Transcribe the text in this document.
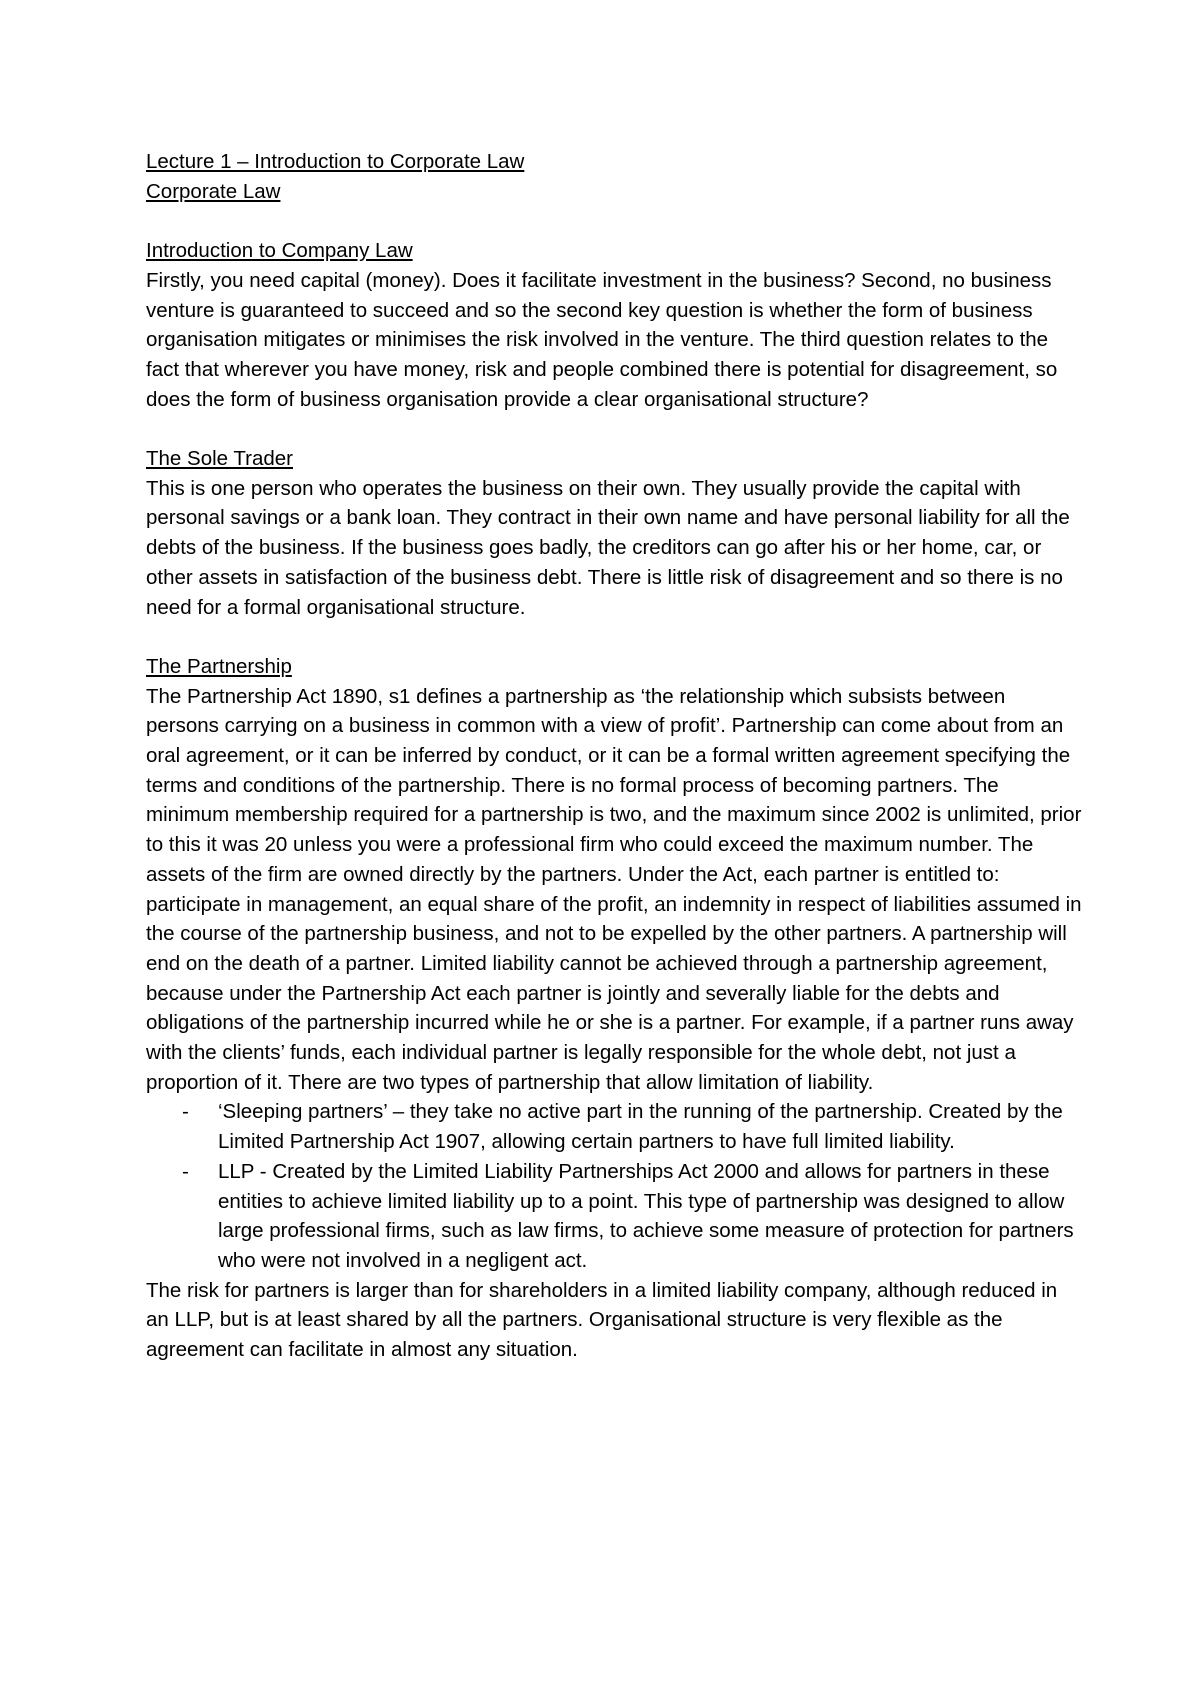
Lecture 1 – Introduction to Corporate Law

Corporate Law

Introduction to Company Law

Firstly, you need capital (money). Does it facilitate investment in the business? Second, no business venture is guaranteed to succeed and so the second key question is whether the form of business organisation mitigates or minimises the risk involved in the venture. The third question relates to the fact that wherever you have money, risk and people combined there is potential for disagreement, so does the form of business organisation provide a clear organisational structure?

The Sole Trader

This is one person who operates the business on their own. They usually provide the capital with personal savings or a bank loan. They contract in their own name and have personal liability for all the debts of the business. If the business goes badly, the creditors can go after his or her home, car, or other assets in satisfaction of the business debt. There is little risk of disagreement and so there is no need for a formal organisational structure.

The Partnership

The Partnership Act 1890, s1 defines a partnership as ‘the relationship which subsists between persons carrying on a business in common with a view of profit’. Partnership can come about from an oral agreement, or it can be inferred by conduct, or it can be a formal written agreement specifying the terms and conditions of the partnership. There is no formal process of becoming partners. The minimum membership required for a partnership is two, and the maximum since 2002 is unlimited, prior to this it was 20 unless you were a professional firm who could exceed the maximum number. The assets of the firm are owned directly by the partners. Under the Act, each partner is entitled to: participate in management, an equal share of the profit, an indemnity in respect of liabilities assumed in the course of the partnership business, and not to be expelled by the other partners. A partnership will end on the death of a partner. Limited liability cannot be achieved through a partnership agreement, because under the Partnership Act each partner is jointly and severally liable for the debts and obligations of the partnership incurred while he or she is a partner. For example, if a partner runs away with the clients’ funds, each individual partner is legally responsible for the whole debt, not just a proportion of it. There are two types of partnership that allow limitation of liability.

- ‘Sleeping partners’ – they take no active part in the running of the partnership. Created by the Limited Partnership Act 1907, allowing certain partners to have full limited liability.
- LLP - Created by the Limited Liability Partnerships Act 2000 and allows for partners in these entities to achieve limited liability up to a point. This type of partnership was designed to allow large professional firms, such as law firms, to achieve some measure of protection for partners who were not involved in a negligent act.

The risk for partners is larger than for shareholders in a limited liability company, although reduced in an LLP, but is at least shared by all the partners. Organisational structure is very flexible as the agreement can facilitate in almost any situation.
